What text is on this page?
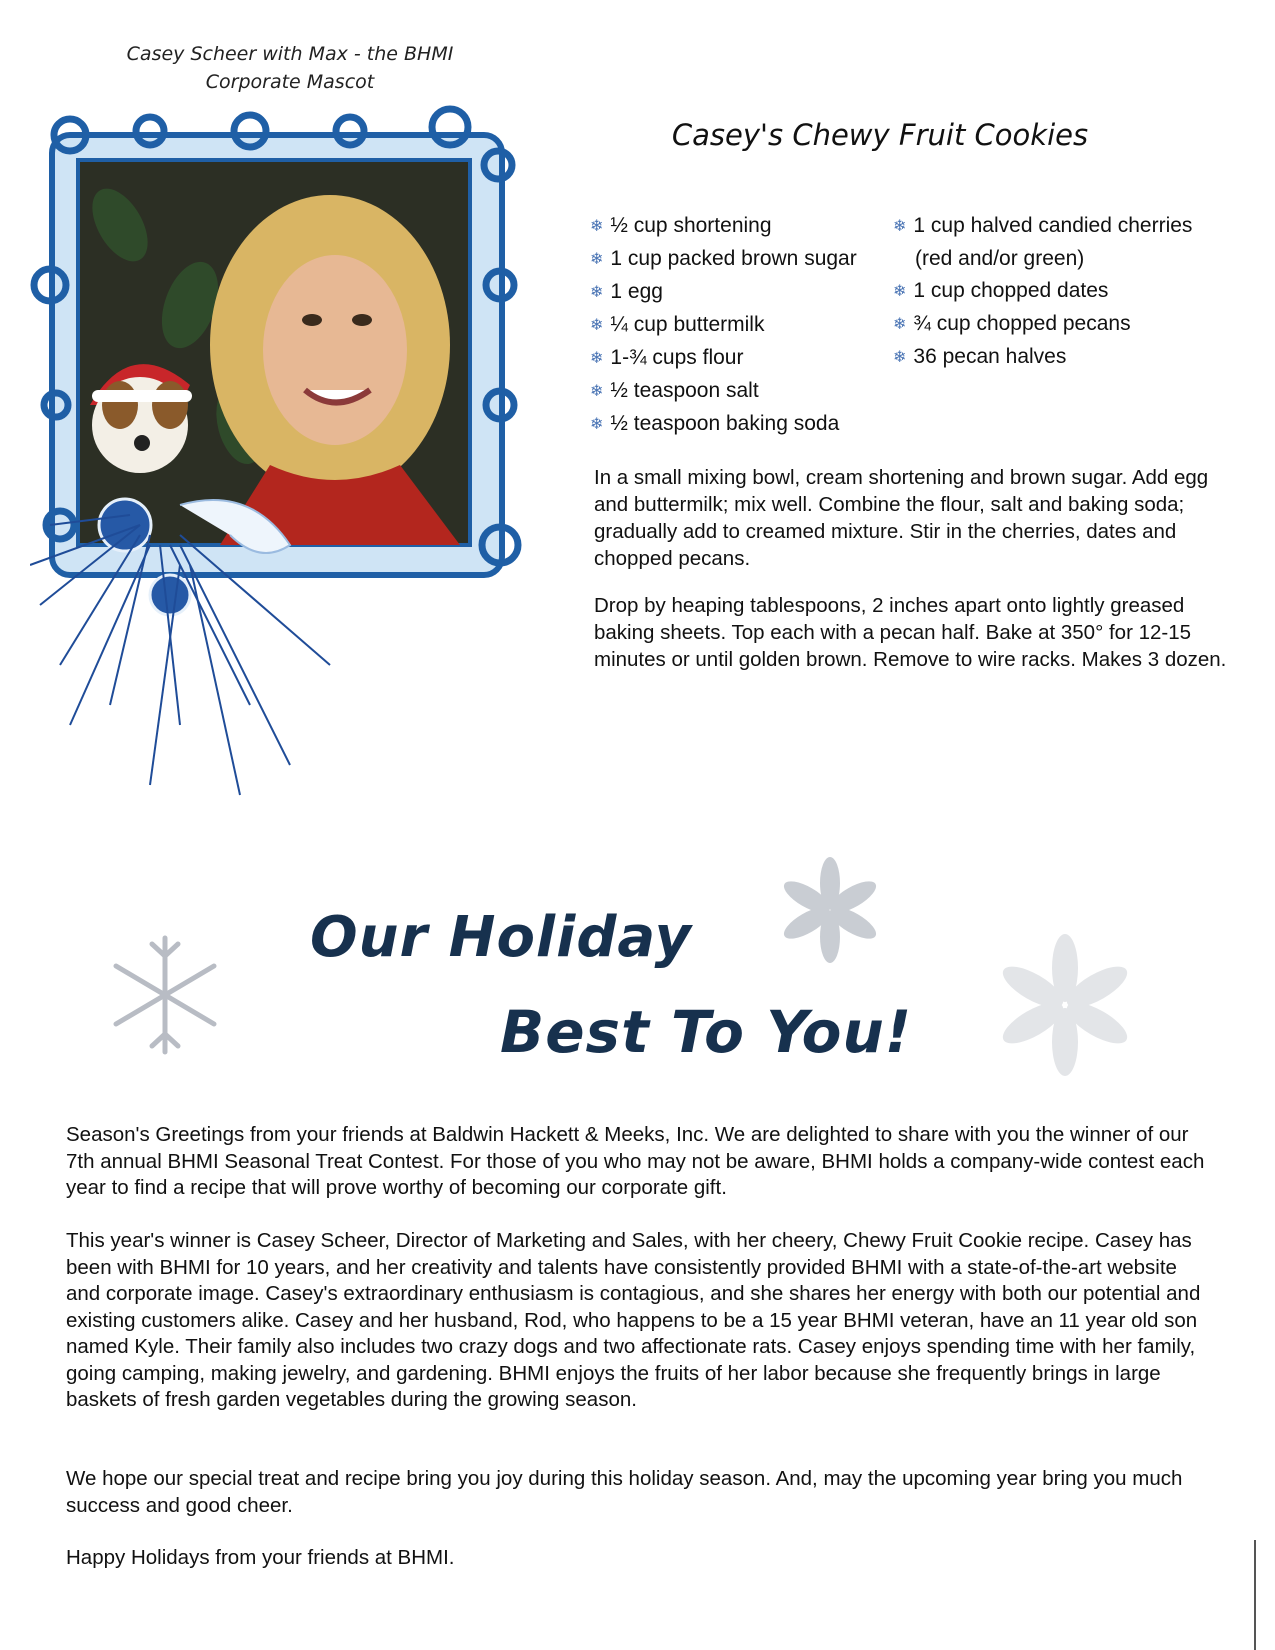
Casey Scheer with Max - the BHMI
Corporate Mascot
Casey's Chewy Fruit Cookies
❄ ½ cup shortening
❄ 1 cup packed brown sugar
❄ 1 egg
❄ ¼ cup buttermilk
❄ 1-¾ cups flour
❄ ½ teaspoon salt
❄ ½ teaspoon baking soda
❄ 1 cup halved candied cherries
(red and/or green)
❄ 1 cup chopped dates
❄ ¾ cup chopped pecans
❄ 36 pecan halves

In a small mixing bowl, cream shortening and brown sugar. Add egg and buttermilk; mix well. Combine the flour, salt and baking soda; gradually add to creamed mixture. Stir in the cherries, dates and chopped pecans.

Drop by heaping tablespoons, 2 inches apart onto lightly greased baking sheets. Top each with a pecan half. Bake at 350° for 12-15 minutes or until golden brown. Remove to wire racks. Makes 3 dozen.

Our Holiday
Best To You!

Season's Greetings from your friends at Baldwin Hackett & Meeks, Inc. We are delighted to share with you the winner of our 7th annual BHMI Seasonal Treat Contest. For those of you who may not be aware, BHMI holds a company-wide contest each year to find a recipe that will prove worthy of becoming our corporate gift.

This year's winner is Casey Scheer, Director of Marketing and Sales, with her cheery, Chewy Fruit Cookie recipe. Casey has been with BHMI for 10 years, and her creativity and talents have consistently provided BHMI with a state-of-the-art website and corporate image. Casey's extraordinary enthusiasm is contagious, and she shares her energy with both our potential and existing customers alike. Casey and her husband, Rod, who happens to be a 15 year BHMI veteran, have an 11 year old son named Kyle. Their family also includes two crazy dogs and two affectionate rats. Casey enjoys spending time with her family, going camping, making jewelry, and gardening. BHMI enjoys the fruits of her labor because she frequently brings in large baskets of fresh garden vegetables during the growing season.

We hope our special treat and recipe bring you joy during this holiday season. And, may the upcoming year bring you much success and good cheer.

Happy Holidays from your friends at BHMI.
